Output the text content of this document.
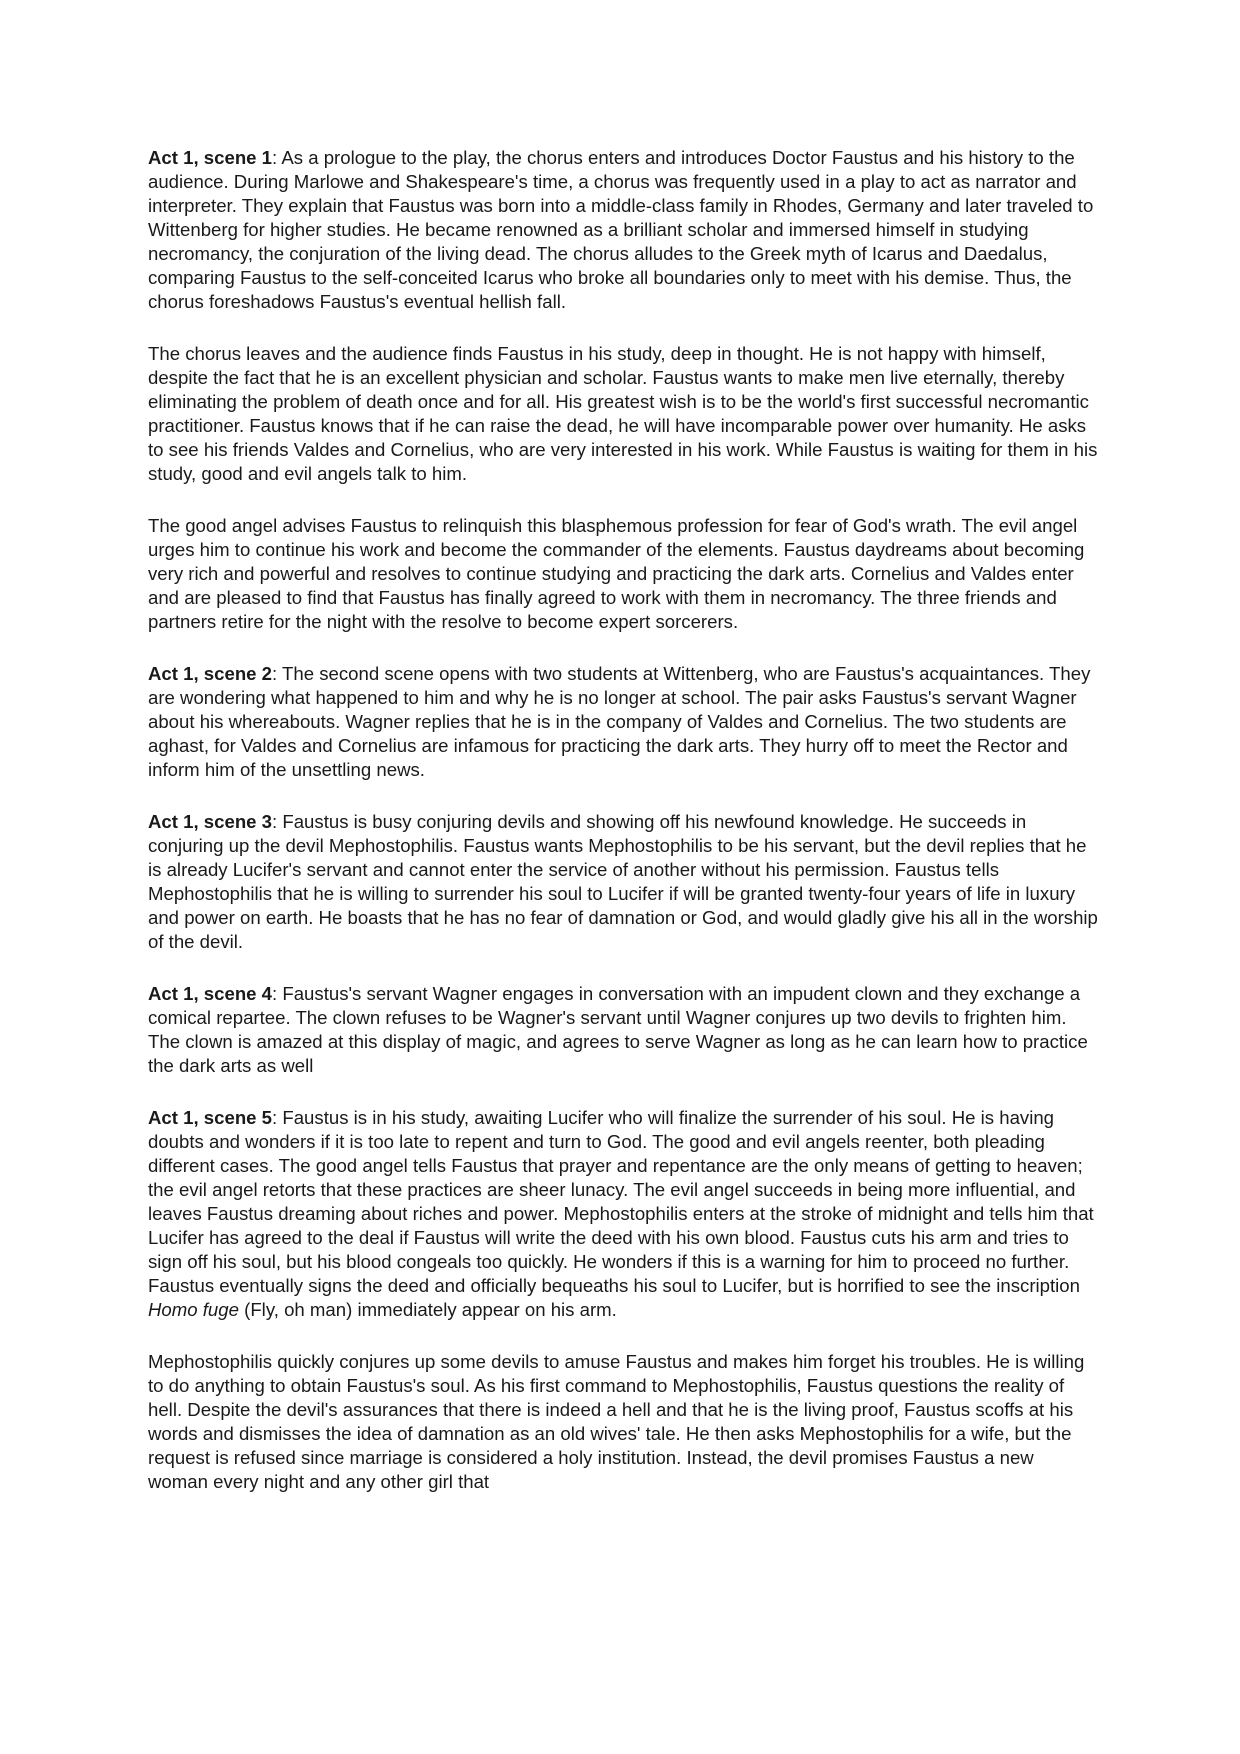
Act 1, scene 1: As a prologue to the play, the chorus enters and introduces Doctor Faustus and his history to the audience. During Marlowe and Shakespeare's time, a chorus was frequently used in a play to act as narrator and interpreter. They explain that Faustus was born into a middle-class family in Rhodes, Germany and later traveled to Wittenberg for higher studies. He became renowned as a brilliant scholar and immersed himself in studying necromancy, the conjuration of the living dead. The chorus alludes to the Greek myth of Icarus and Daedalus, comparing Faustus to the self-conceited Icarus who broke all boundaries only to meet with his demise. Thus, the chorus foreshadows Faustus's eventual hellish fall.

The chorus leaves and the audience finds Faustus in his study, deep in thought. He is not happy with himself, despite the fact that he is an excellent physician and scholar. Faustus wants to make men live eternally, thereby eliminating the problem of death once and for all. His greatest wish is to be the world's first successful necromantic practitioner. Faustus knows that if he can raise the dead, he will have incomparable power over humanity. He asks to see his friends Valdes and Cornelius, who are very interested in his work. While Faustus is waiting for them in his study, good and evil angels talk to him.

The good angel advises Faustus to relinquish this blasphemous profession for fear of God's wrath. The evil angel urges him to continue his work and become the commander of the elements. Faustus daydreams about becoming very rich and powerful and resolves to continue studying and practicing the dark arts. Cornelius and Valdes enter and are pleased to find that Faustus has finally agreed to work with them in necromancy. The three friends and partners retire for the night with the resolve to become expert sorcerers.

Act 1, scene 2: The second scene opens with two students at Wittenberg, who are Faustus's acquaintances. They are wondering what happened to him and why he is no longer at school. The pair asks Faustus's servant Wagner about his whereabouts. Wagner replies that he is in the company of Valdes and Cornelius. The two students are aghast, for Valdes and Cornelius are infamous for practicing the dark arts. They hurry off to meet the Rector and inform him of the unsettling news.

Act 1, scene 3: Faustus is busy conjuring devils and showing off his newfound knowledge. He succeeds in conjuring up the devil Mephostophilis. Faustus wants Mephostophilis to be his servant, but the devil replies that he is already Lucifer's servant and cannot enter the service of another without his permission. Faustus tells Mephostophilis that he is willing to surrender his soul to Lucifer if will be granted twenty-four years of life in luxury and power on earth. He boasts that he has no fear of damnation or God, and would gladly give his all in the worship of the devil.

Act 1, scene 4: Faustus's servant Wagner engages in conversation with an impudent clown and they exchange a comical repartee. The clown refuses to be Wagner's servant until Wagner conjures up two devils to frighten him. The clown is amazed at this display of magic, and agrees to serve Wagner as long as he can learn how to practice the dark arts as well

Act 1, scene 5: Faustus is in his study, awaiting Lucifer who will finalize the surrender of his soul. He is having doubts and wonders if it is too late to repent and turn to God. The good and evil angels reenter, both pleading different cases. The good angel tells Faustus that prayer and repentance are the only means of getting to heaven; the evil angel retorts that these practices are sheer lunacy. The evil angel succeeds in being more influential, and leaves Faustus dreaming about riches and power. Mephostophilis enters at the stroke of midnight and tells him that Lucifer has agreed to the deal if Faustus will write the deed with his own blood. Faustus cuts his arm and tries to sign off his soul, but his blood congeals too quickly. He wonders if this is a warning for him to proceed no further. Faustus eventually signs the deed and officially bequeaths his soul to Lucifer, but is horrified to see the inscription Homo fuge (Fly, oh man) immediately appear on his arm.

Mephostophilis quickly conjures up some devils to amuse Faustus and makes him forget his troubles. He is willing to do anything to obtain Faustus's soul. As his first command to Mephostophilis, Faustus questions the reality of hell. Despite the devil's assurances that there is indeed a hell and that he is the living proof, Faustus scoffs at his words and dismisses the idea of damnation as an old wives' tale. He then asks Mephostophilis for a wife, but the request is refused since marriage is considered a holy institution. Instead, the devil promises Faustus a new woman every night and any other girl that
